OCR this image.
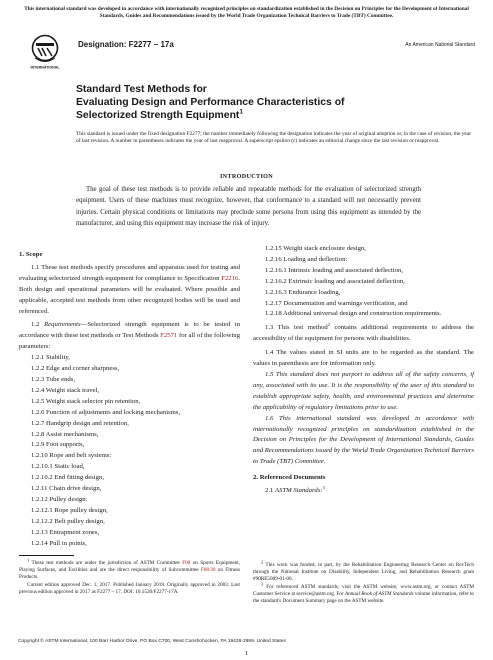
This international standard was developed in accordance with internationally recognized principles on standardization established in the Decision on Principles for the Development of International Standards, Guides and Recommendations issued by the World Trade Organization Technical Barriers to Trade (TBT) Committee.
INTERNATIONAL
Designation: F2277 − 17a	An American National Standard
Standard Test Methods for
Evaluating Design and Performance Characteristics of
Selectorized Strength Equipment$^1$
This standard is issued under the fixed designation F2277; the number immediately following the designation indicates the year of original adoption or, in the case of revision, the year of last revision. A number in parentheses indicates the year of last reapproval. A superscript epsilon (ε) indicates an editorial change since the last revision or reapproval.
INTRODUCTION
The goal of these test methods is to provide reliable and repeatable methods for the evaluation of selectorized strength equipment. Users of these machines must recognize, however, that conformance to a standard will not necessarily prevent injuries. Certain physical conditions or limitations may preclude some persons from using this equipment as intended by the manufacturer, and using this equipment may increase the risk of injury.

1. Scope

1.1 These test methods specify procedures and apparatus used for testing and evaluating selectorized strength equipment for compliance to Specification F2216. Both design and operational parameters will be evaluated. Where possible and applicable, accepted test methods from other recognized bodies will be used and referenced.

1.2 Requirements—Selectorized strength equipment is to be tested in accordance with these test methods or Test Methods F2571 for all of the following parameters:

1.2.1 Stability,

1.2.2 Edge and corner sharpness,

1.2.3 Tube ends,

1.2.4 Weight stack travel,

1.2.5 Weight stack selector pin retention,

1.2.6 Function of adjustments and locking mechanisms,

1.2.7 Handgrip design and retention,

1.2.8 Assist mechanisms,

1.2.9 Foot supports,

1.2.10 Rope and belt systems:

1.2.10.1 Static load,

1.2.10.2 End fitting design,

1.2.11 Chain drive design,

1.2.12 Pulley design:

1.2.12.1 Rope pulley design,

1.2.12.2 Belt pulley design,

1.2.13 Entrapment zones,

1.2.14 Pull in points,

1.2.15 Weight stack enclosure design,

1.2.16 Loading and deflection:

1.2.16.1 Intrinsic loading and associated deflection,

1.2.16.2 Extrinsic loading and associated deflection,

1.2.16.3 Endurance loading,

1.2.17 Documentation and warnings verification, and

1.2.18 Additional universal design and construction requirements.

1.3 This test method$^2$ contains additional requirements to address the accessibility of the equipment for persons with disabilities.

1.4 The values stated in SI units are to be regarded as the standard. The values in parenthesis are for information only.

1.5 This standard does not purport to address all of the safety concerns, if any, associated with its use. It is the responsibility of the user of this standard to establish appropriate safety, health, and environmental practices and determine the applicability of regulatory limitations prior to use.

1.6 This international standard was developed in accordance with internationally recognized principles on standardization established in the Decision on Principles for the Development of International Standards, Guides and Recommendations issued by the World Trade Organization Technical Barriers to Trade (TBT) Committee.

2. Referenced Documents

2.1 ASTM Standards:$^3$

$^1$ These test methods are under the jurisdiction of ASTM Committee F08 on Sports Equipment, Playing Surfaces, and Facilities and are the direct responsibility of Subcommittee F08.30 on Fitness Products.

Current edition approved Dec. 1, 2017. Published January 2018. Originally approved in 2003. Last previous edition approved in 2017 as F2277 – 17. DOI: 10.1520/F2277-17A.

$^2$ This work was funded, in part, by the Rehabilitation Engineering Research Center on RecTech through the National Institute on Disability, Independent Living, and Rehabilitation Research grant #90RE5009-01-00.

$^3$ For referenced ASTM standards, visit the ASTM website, www.astm.org, or contact ASTM Customer Service at service@astm.org. For Annual Book of ASTM Standards volume information, refer to the standard's Document Summary page on the ASTM website.

Copyright © ASTM International, 100 Barr Harbor Drive, PO Box C700, West Conshohocken, PA 19428-2959. United States
1
